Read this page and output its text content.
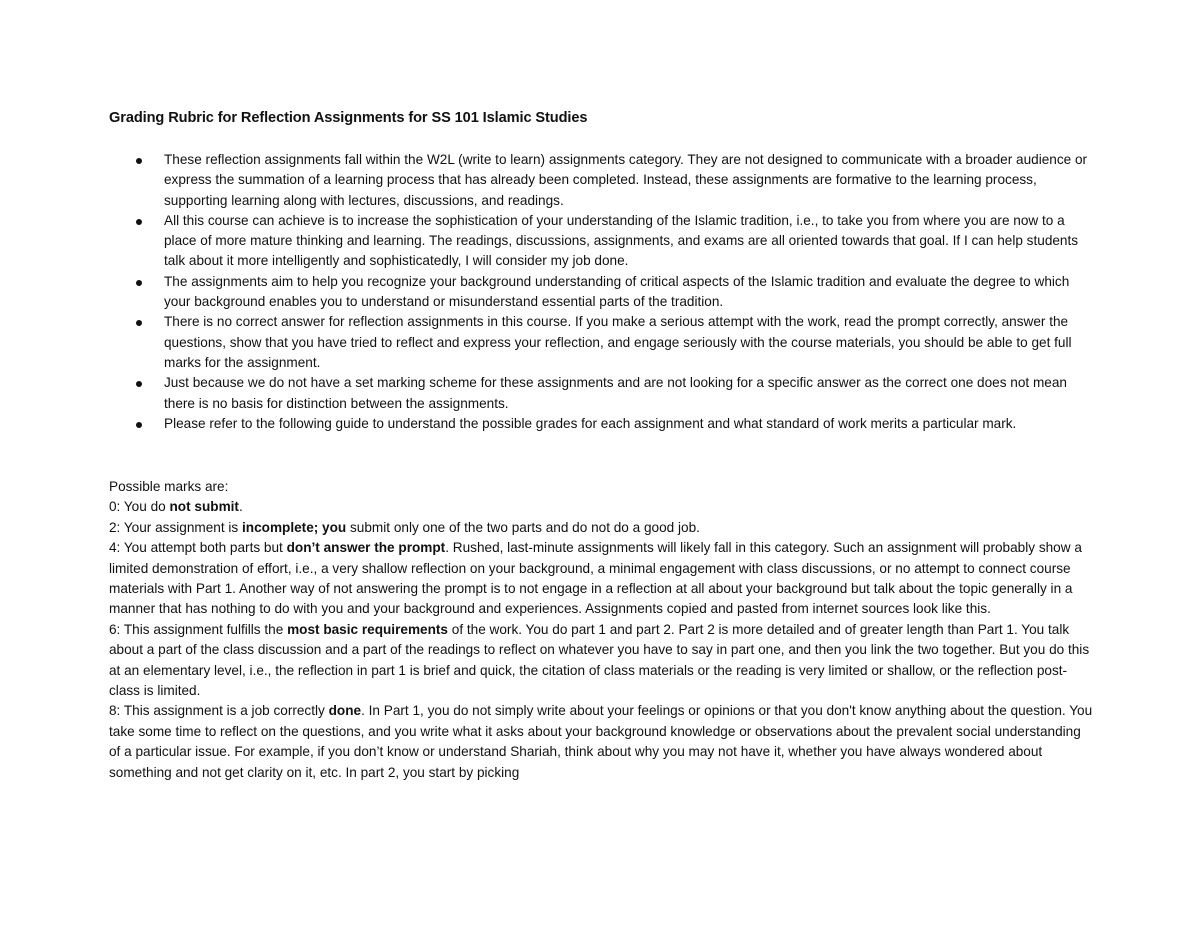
Grading Rubric for Reflection Assignments for SS 101 Islamic Studies
These reflection assignments fall within the W2L (write to learn) assignments category. They are not designed to communicate with a broader audience or express the summation of a learning process that has already been completed. Instead, these assignments are formative to the learning process, supporting learning along with lectures, discussions, and readings.
All this course can achieve is to increase the sophistication of your understanding of the Islamic tradition, i.e., to take you from where you are now to a place of more mature thinking and learning. The readings, discussions, assignments, and exams are all oriented towards that goal. If I can help students talk about it more intelligently and sophisticatedly, I will consider my job done.
The assignments aim to help you recognize your background understanding of critical aspects of the Islamic tradition and evaluate the degree to which your background enables you to understand or misunderstand essential parts of the tradition.
There is no correct answer for reflection assignments in this course. If you make a serious attempt with the work, read the prompt correctly, answer the questions, show that you have tried to reflect and express your reflection, and engage seriously with the course materials, you should be able to get full marks for the assignment.
Just because we do not have a set marking scheme for these assignments and are not looking for a specific answer as the correct one does not mean there is no basis for distinction between the assignments.
Please refer to the following guide to understand the possible grades for each assignment and what standard of work merits a particular mark.

Possible marks are:

0: You do not submit.

2: Your assignment is incomplete; you submit only one of the two parts and do not do a good job.

4: You attempt both parts but don’t answer the prompt. Rushed, last-minute assignments will likely fall in this category. Such an assignment will probably show a limited demonstration of effort, i.e., a very shallow reflection on your background, a minimal engagement with class discussions, or no attempt to connect course materials with Part 1. Another way of not answering the prompt is to not engage in a reflection at all about your background but talk about the topic generally in a manner that has nothing to do with you and your background and experiences. Assignments copied and pasted from internet sources look like this.

6: This assignment fulfills the most basic requirements of the work. You do part 1 and part 2. Part 2 is more detailed and of greater length than Part 1. You talk about a part of the class discussion and a part of the readings to reflect on whatever you have to say in part one, and then you link the two together. But you do this at an elementary level, i.e., the reflection in part 1 is brief and quick, the citation of class materials or the reading is very limited or shallow, or the reflection post-class is limited.

8: This assignment is a job correctly done. In Part 1, you do not simply write about your feelings or opinions or that you don't know anything about the question. You take some time to reflect on the questions, and you write what it asks about your background knowledge or observations about the prevalent social understanding of a particular issue. For example, if you don’t know or understand Shariah, think about why you may not have it, whether you have always wondered about something and not get clarity on it, etc. In part 2, you start by picking
